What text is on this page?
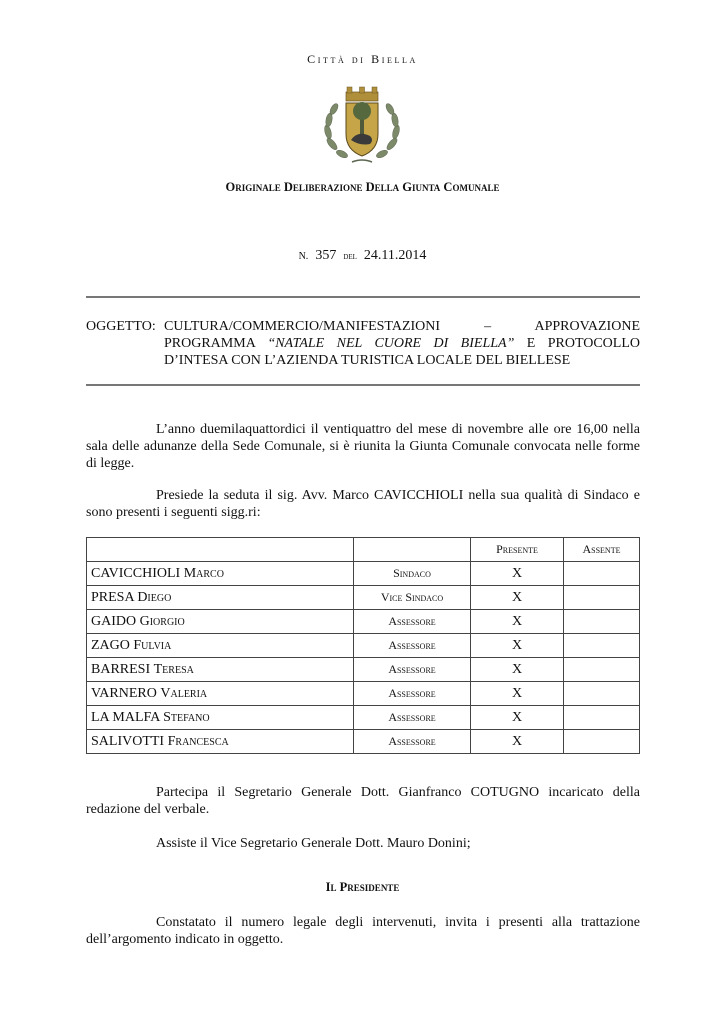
Città di Biella
Originale Deliberazione Della Giunta Comunale
N. 357 del 24.11.2014
OGGETTO: CULTURA/COMMERCIO/MANIFESTAZIONI – APPROVAZIONE PROGRAMMA “NATALE NEL CUORE DI BIELLA” E PROTOCOLLO D’INTESA CON L’AZIENDA TURISTICA LOCALE DEL BIELLESE
L’anno duemilaquattordici il ventiquattro del mese di novembre alle ore 16,00 nella sala delle adunanze della Sede Comunale, si è riunita la Giunta Comunale convocata nelle forme di legge.
Presiede la seduta il sig. Avv. Marco CAVICCHIOLI nella sua qualità di Sindaco e sono presenti i seguenti sigg.ri:
		Presente	Assente
CAVICCHIOLI Marco	Sindaco	X	
PRESA Diego	Vice Sindaco	X	
GAIDO Giorgio	Assessore	X	
ZAGO Fulvia	Assessore	X	
BARRESI Teresa	Assessore	X	
VARNERO Valeria	Assessore	X	
LA MALFA Stefano	Assessore	X	
SALIVOTTI Francesca	Assessore	X	
Partecipa il Segretario Generale Dott. Gianfranco COTUGNO incaricato della redazione del verbale.
Assiste il Vice Segretario Generale Dott. Mauro Donini;
Il Presidente
Constatato il numero legale degli intervenuti, invita i presenti alla trattazione dell’argomento indicato in oggetto.
